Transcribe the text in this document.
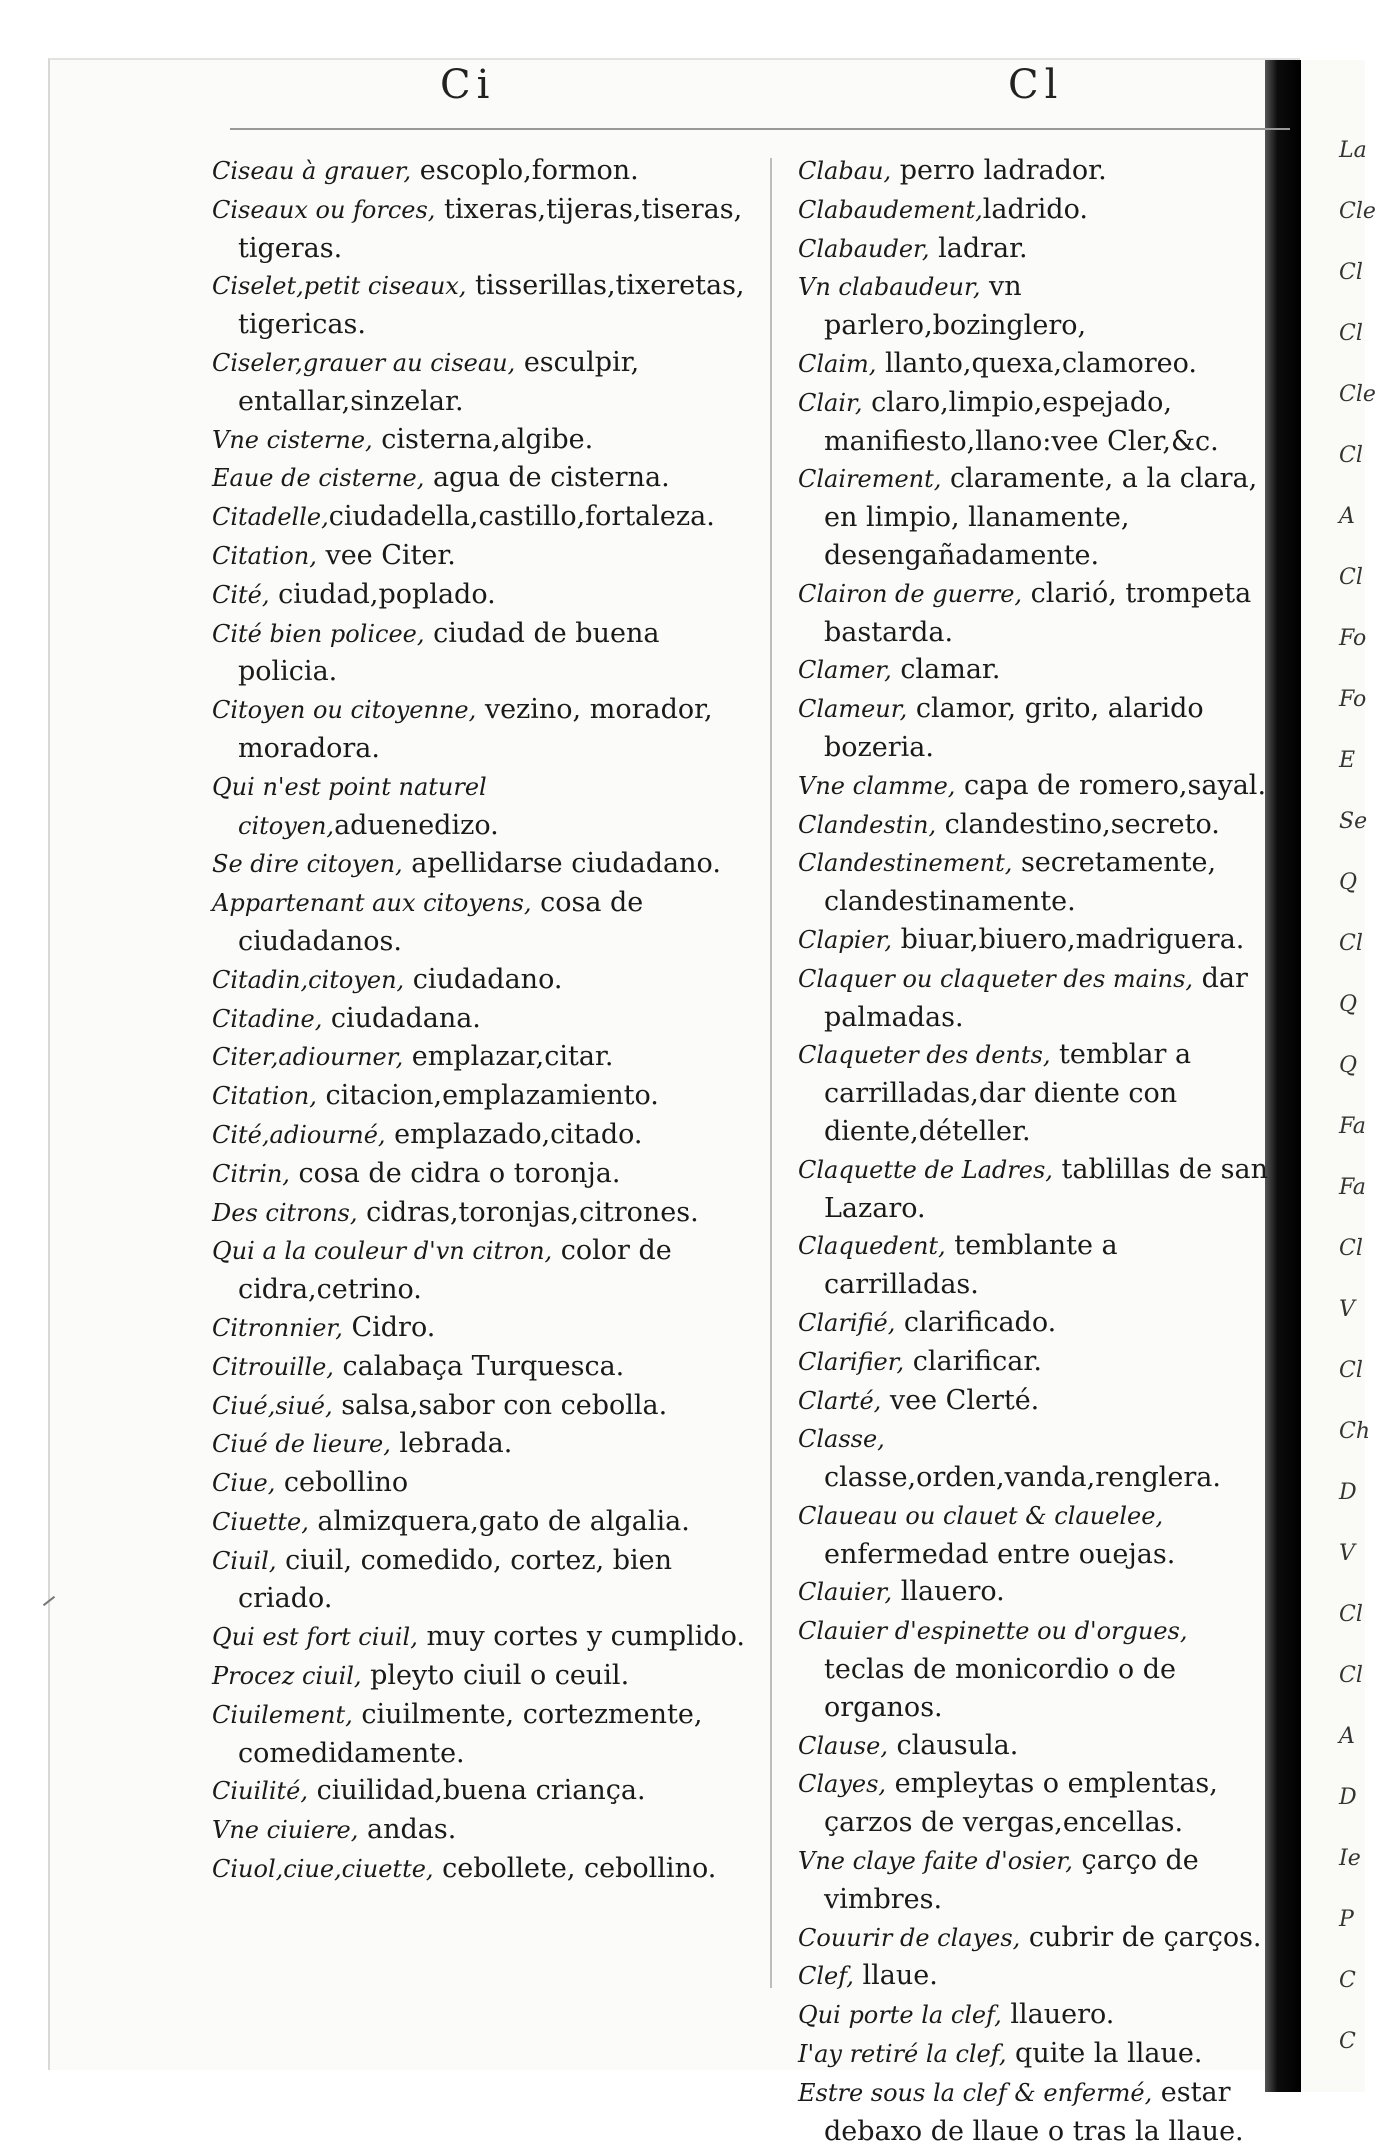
La
Cle
Cl
Cl
Cle
Cl
A
Cl
Fo
Fo
E
Se
Q
Cl
Q
Q
Fa
Fa
Cl
V
Cl
Ch
D
V
Cl
Cl
A
D
Ie
P
C
C
Ci	Cl
Ciseau à grauer, escoplo,formon.
Ciseaux ou forces, tixeras,tijeras,tiseras, tigeras.
Ciselet,petit ciseaux, tisserillas,tixeretas, tigericas.
Ciseler,grauer au ciseau, esculpir, entallar,sinzelar.
Vne cisterne, cisterna,algibe.
Eaue de cisterne, agua de cisterna.
Citadelle,ciudadella,castillo,fortaleza.
Citation, vee Citer.
Cité, ciudad,poplado.
Cité bien policee, ciudad de buena policia.
Citoyen ou citoyenne, vezino, morador, moradora.
Qui n'est point naturel citoyen,aduenedizo.
Se dire citoyen, apellidarse ciudadano.
Appartenant aux citoyens, cosa de ciudadanos.
Citadin,citoyen, ciudadano.
Citadine, ciudadana.
Citer,adiourner, emplazar,citar.
Citation, citacion,emplazamiento.
Cité,adiourné, emplazado,citado.
Citrin, cosa de cidra o toronja.
Des citrons, cidras,toronjas,citrones.
Qui a la couleur d'vn citron, color de cidra,cetrino.
Citronnier, Cidro.
Citrouille, calabaça Turquesca.
Ciué,siué, salsa,sabor con cebolla.
Ciué de lieure, lebrada.
Ciue, cebollino
Ciuette, almizquera,gato de algalia.
Ciuil, ciuil, comedido, cortez, bien criado.
Qui est fort ciuil, muy cortes y cumplido.
Procez ciuil, pleyto ciuil o ceuil.
Ciuilement, ciuilmente, cortezmente, comedidamente.
Ciuilité, ciuilidad,buena criança.
Vne ciuiere, andas.
Ciuol,ciue,ciuette, cebollete, cebollino.
Clabau, perro ladrador.
Clabaudement,ladrido.
Clabauder, ladrar.
Vn clabaudeur, vn parlero,bozinglero,
Claim, llanto,quexa,clamoreo.
Clair, claro,limpio,espejado, manifiesto,llano:vee Cler,&c.
Clairement, claramente, a la clara, en limpio, llanamente, desengañadamente.
Clairon de guerre, clarió, trompeta bastarda.
Clamer, clamar.
Clameur, clamor, grito, alarido bozeria.
Vne clamme, capa de romero,sayal.
Clandestin, clandestino,secreto.
Clandestinement, secretamente, clandestinamente.
Clapier, biuar,biuero,madriguera.
Claquer ou claqueter des mains, dar palmadas.
Claqueter des dents, temblar a carrilladas,dar diente con diente,dételler.
Claquette de Ladres, tablillas de san Lazaro.
Claquedent, temblante a carrilladas.
Clarifié, clarificado.
Clarifier, clarificar.
Clarté, vee Clerté.
Classe, classe,orden,vanda,renglera.
Claueau ou clauet & clauelee, enfermedad entre ouejas.
Clauier, llauero.
Clauier d'espinette ou d'orgues, teclas de monicordio o de organos.
Clause, clausula.
Clayes, empleytas o emplentas, çarzos de vergas,encellas.
Vne claye faite d'osier, çarço de vimbres.
Couurir de clayes, cubrir de çarços.
Clef, llaue.
Qui porte la clef, llauero.
I'ay retiré la clef, quite la llaue.
Estre sous la clef & enfermé, estar debaxo de llaue o tras la llaue.
